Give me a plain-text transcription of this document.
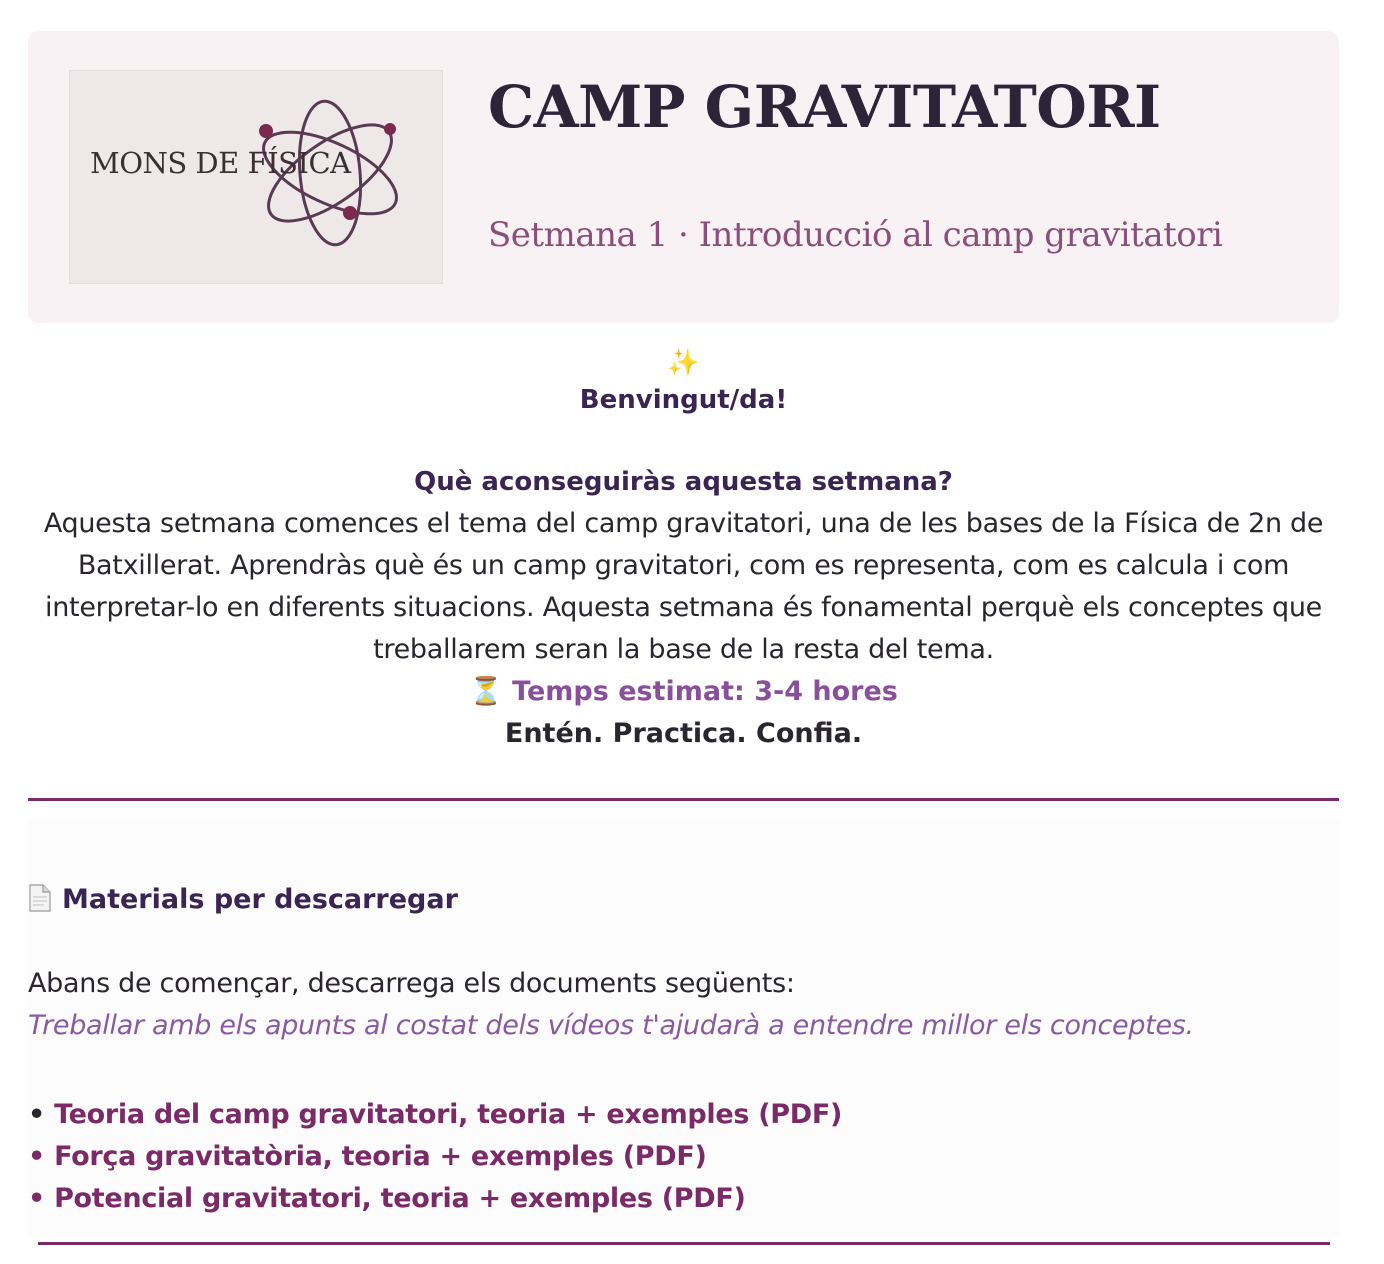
MONS DE FÍSICA
CAMP GRAVITATORI
Setmana 1 · Introducció al camp gravitatori
✨
Benvingut/da!
Què aconseguiràs aquesta setmana?
Aquesta setmana comences el tema del camp gravitatori, una de les bases de la Física de 2n de Batxillerat. Aprendràs què és un camp gravitatori, com es representa, com es calcula i com interpretar-lo en diferents situacions. Aquesta setmana és fonamental perquè els conceptes que treballarem seran la base de la resta del tema.
⏳ Temps estimat: 3-4 hores
Entén. Practica. Confia.
Materials per descarregar
Abans de començar, descarrega els documents següents:
Treballar amb els apunts al costat dels vídeos t'ajudarà a entendre millor els conceptes.
• Teoria del camp gravitatori, teoria + exemples (PDF)
• Força gravitatòria, teoria + exemples (PDF)
• Potencial gravitatori, teoria + exemples (PDF)
